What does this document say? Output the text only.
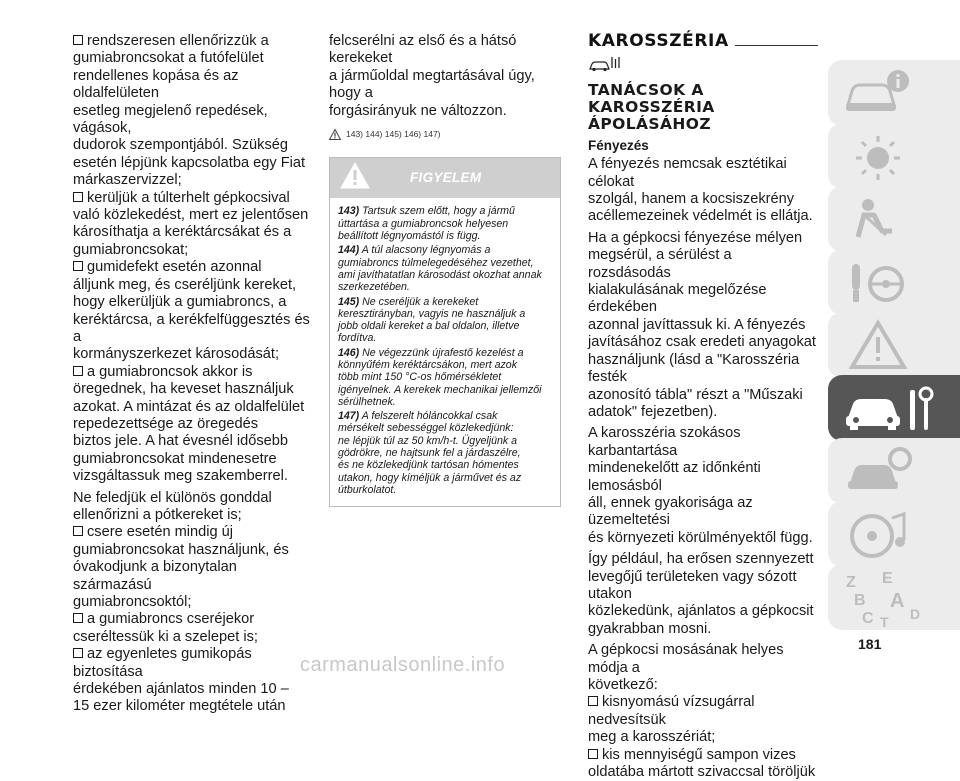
rendszeresen ellenőrizzük a
gumiabroncsokat a futófelület
rendellenes kopása és az oldalfelületen
esetleg megjelenő repedések, vágások,
dudorok szempontjából. Szükség
esetén lépjünk kapcsolatba egy Fiat
márkaszervizzel;
kerüljük a túlterhelt gépkocsival
való közlekedést, mert ez jelentősen
károsíthatja a keréktárcsákat és a
gumiabroncsokat;
gumidefekt esetén azonnal
álljunk meg, és cseréljünk kereket,
hogy elkerüljük a gumiabroncs, a
keréktárcsa, a kerékfelfüggesztés és a
kormányszerkezet károsodását;
a gumiabroncsok akkor is
öregednek, ha keveset használjuk
azokat. A mintázat és az oldalfelület
repedezettsége az öregedés
biztos jele. A hat évesnél idősebb
gumiabroncsokat mindenesetre
vizsgáltassuk meg szakemberrel.
Ne feledjük el különös gonddal
ellenőrizni a pótkereket is;
csere esetén mindig új
gumiabroncsokat használjunk, és
óvakodjunk a bizonytalan származású
gumiabroncsoktól;
a gumiabroncs cseréjekor
cseréltessük ki a szelepet is;
az egyenletes gumikopás biztosítása
érdekében ajánlatos minden 10 –
15 ezer kilométer megtétele után
felcserélni az első és a hátsó kerekeket
a járműoldal megtartásával úgy, hogy a
forgásirányuk ne változzon.
143) 144) 145) 146) 147)
FIGYELEM
143) Tartsuk szem előtt, hogy a jármű
úttartása a gumiabroncsok helyesen
beállított légnyomástól is függ.
144) A túl alacsony légnyomás a
gumiabroncs túlmelegedéséhez vezethet,
ami javíthatatlan károsodást okozhat annak
szerkezetében.
145) Ne cseréljük a kerekeket
keresztirányban, vagyis ne használjuk a
jobb oldali kereket a bal oldalon, illetve
fordítva.
146) Ne végezzünk újrafestő kezelést a
könnyűfém keréktárcsákon, mert azok
több mint 150 °C-os hőmérsékletet
igényelnek. A kerekek mechanikai jellemzői
sérülhetnek.
147) A felszerelt hóláncokkal csak
mérsékelt sebességgel közlekedjünk:
ne lépjük túl az 50 km/h-t. Ügyeljünk a
gödrökre, ne hajtsunk fel a járdaszélre,
és ne közlekedjünk tartósan hómentes
utakon, hogy kíméljük a járművet és az
útburkolatot.
KAROSSZÉRIA
TANÁCSOK A
KAROSSZÉRIA
ÁPOLÁSÁHOZ
Fényezés
A fényezés nemcsak esztétikai célokat
szolgál, hanem a kocsiszekrény
acéllemezeinek védelmét is ellátja.
Ha a gépkocsi fényezése mélyen
megsérül, a sérülést a rozsdásodás
kialakulásának megelőzése érdekében
azonnal javíttassuk ki. A fényezés
javításához csak eredeti anyagokat
használjunk (lásd a "Karosszéria festék
azonosító tábla" részt a "Műszaki
adatok" fejezetben).
A karosszéria szokásos karbantartása
mindenekelőtt az időnkénti lemosásból
áll, ennek gyakorisága az üzemeltetési
és környezeti körülményektől függ.
Így például, ha erősen szennyezett
levegőjű területeken vagy sózott utakon
közlekedünk, ajánlatos a gépkocsit
gyakrabban mosni.
A gépkocsi mosásának helyes módja a
következő:
kisnyomású vízsugárral nedvesítsük
meg a karosszériát;
kis mennyiségű sampon vizes
oldatába mártott szivaccsal töröljük
Z E
B A
C	D
T
181
carmanualsonline.info
